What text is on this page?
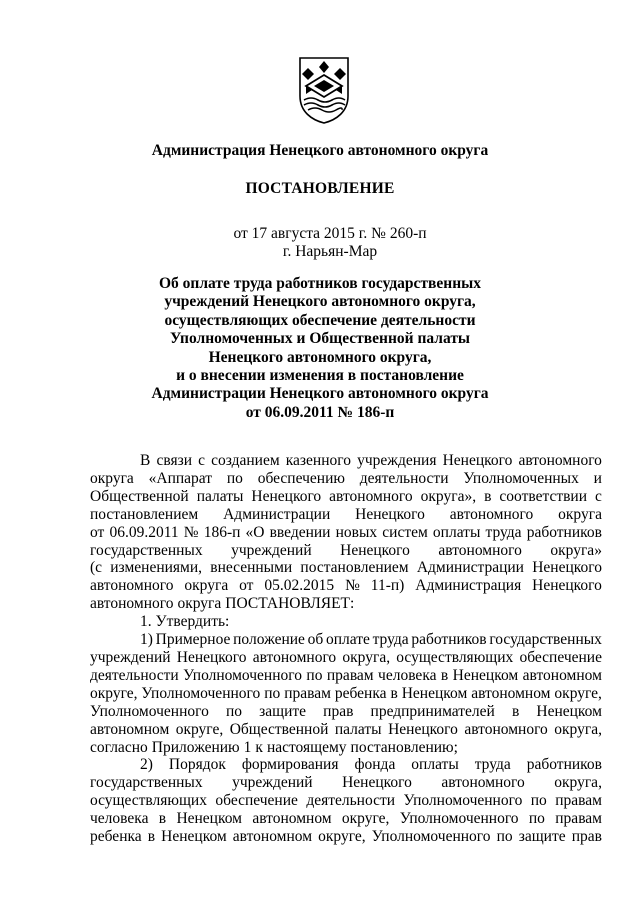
Администрация Ненецкого автономного округа
ПОСТАНОВЛЕНИЕ
от 17 августа 2015 г. № 260-п
г. Нарьян-Мар
Об оплате труда работников государственных
учреждений Ненецкого автономного округа,
осуществляющих обеспечение деятельности
Уполномоченных и Общественной палаты
Ненецкого автономного округа,
и о внесении изменения в постановление
Администрации Ненецкого автономного округа
от 06.09.2011 № 186-п
В связи с созданием казенного учреждения Ненецкого автономного
округа «Аппарат по обеспечению деятельности Уполномоченных и
Общественной палаты Ненецкого автономного округа», в соответствии с
постановлением Администрации Ненецкого автономного округа
от 06.09.2011 № 186-п «О введении новых систем оплаты труда работников
государственных учреждений Ненецкого автономного округа»
(с изменениями, внесенными постановлением Администрации Ненецкого
автономного округа от 05.02.2015 № 11-п) Администрация Ненецкого
автономного округа ПОСТАНОВЛЯЕТ:
1. Утвердить:
1) Примерное положение об оплате труда работников государственных
учреждений Ненецкого автономного округа, осуществляющих обеспечение
деятельности Уполномоченного по правам человека в Ненецком автономном
округе, Уполномоченного по правам ребенка в Ненецком автономном округе,
Уполномоченного по защите прав предпринимателей в Ненецком
автономном округе, Общественной палаты Ненецкого автономного округа,
согласно Приложению 1 к настоящему постановлению;
2) Порядок формирования фонда оплаты труда работников
государственных учреждений Ненецкого автономного округа,
осуществляющих обеспечение деятельности Уполномоченного по правам
человека в Ненецком автономном округе, Уполномоченного по правам
ребенка в Ненецком автономном округе, Уполномоченного по защите прав
